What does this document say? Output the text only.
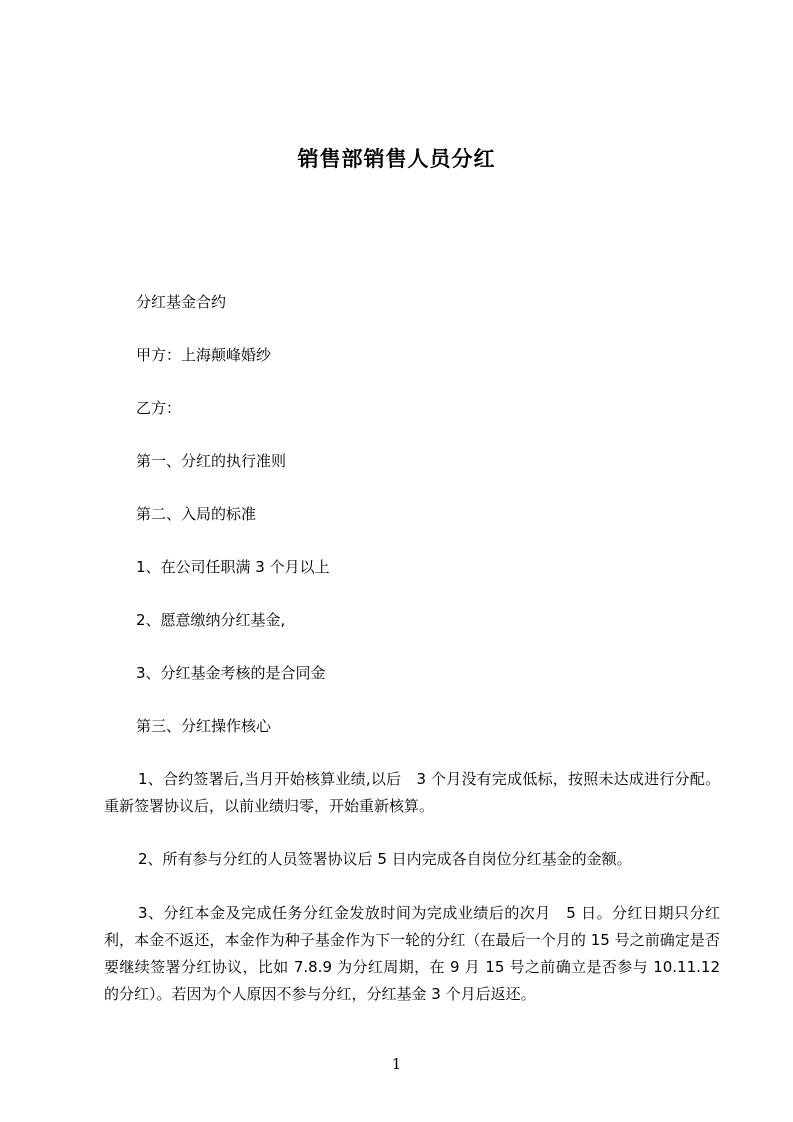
销售部销售人员分红
分红基金合约
甲方：上海颠峰婚纱
乙方：
第一、分红的执行准则
第二、入局的标准
1、在公司任职满 3 个月以上
2、愿意缴纳分红基金,
3、分红基金考核的是合同金
第三、分红操作核心
1、合约签署后,当月开始核算业绩,以后　3 个月没有完成低标，按照未达成进行分配。重新签署协议后，以前业绩归零，开始重新核算。
2、所有参与分红的人员签署协议后 5 日内完成各自岗位分红基金的金额。
3、分红本金及完成任务分红金发放时间为完成业绩后的次月　5 日。分红日期只分红利，本金不返还，本金作为种子基金作为下一轮的分红（在最后一个月的 15 号之前确定是否要继续签署分红协议，比如 7.8.9 为分红周期，在 9 月 15 号之前确立是否参与 10.11.12 的分红）。若因为个人原因不参与分红，分红基金 3 个月后返还。
1
